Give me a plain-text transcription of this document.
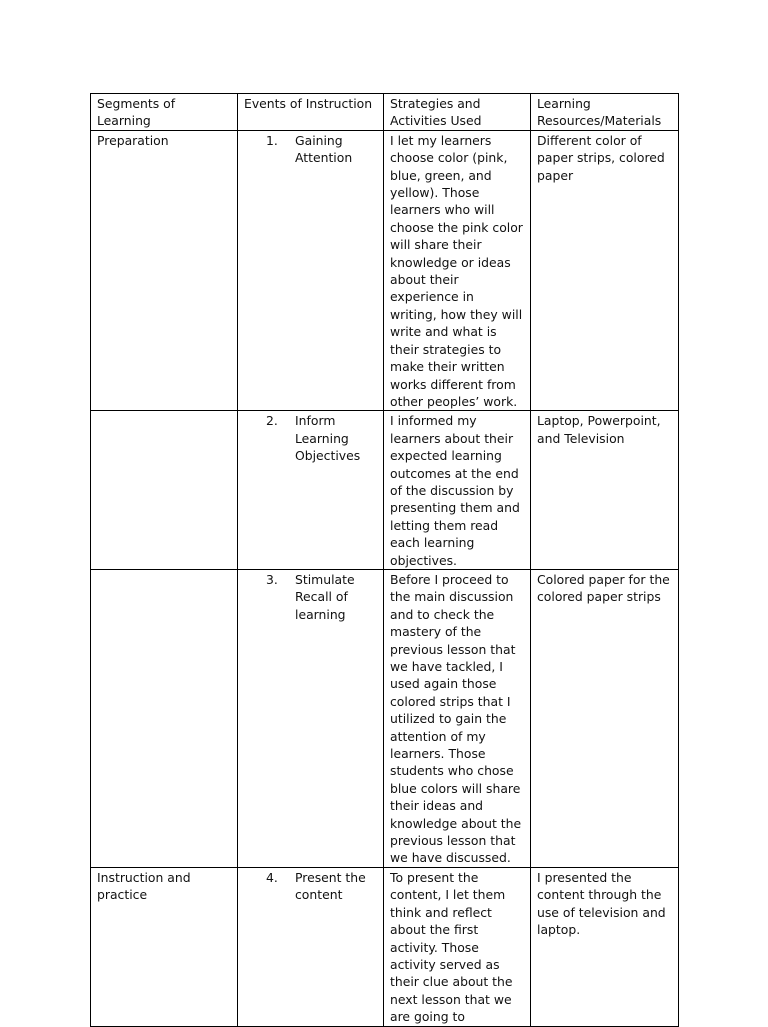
Segments of Learning	Events of Instruction	Strategies and Activities Used	Learning Resources/Materials
Preparation	1. Gaining Attention	I let my learners choose color (pink, blue, green, and yellow). Those learners who will choose the pink color will share their knowledge or ideas about their experience in writing, how they will write and what is their strategies to make their written works different from other peoples’ work.	Different color of paper strips, colored paper

	2. Inform Learning Objectives	I informed my learners about their expected learning outcomes at the end of the discussion by presenting them and letting them read each learning objectives.	Laptop, Powerpoint, and Television

	3. Stimulate Recall of learning	Before I proceed to the main discussion and to check the mastery of the previous lesson that we have tackled, I used again those colored strips that I utilized to gain the attention of my learners. Those students who chose blue colors will share their ideas and knowledge about the previous lesson that we have discussed.	Colored paper for the colored paper strips
Instruction and practice	4. Present the content	To present the content, I let them think and reflect about the first activity. Those activity served as their clue about the next lesson that we are going to	I presented the content through the use of television and laptop.
